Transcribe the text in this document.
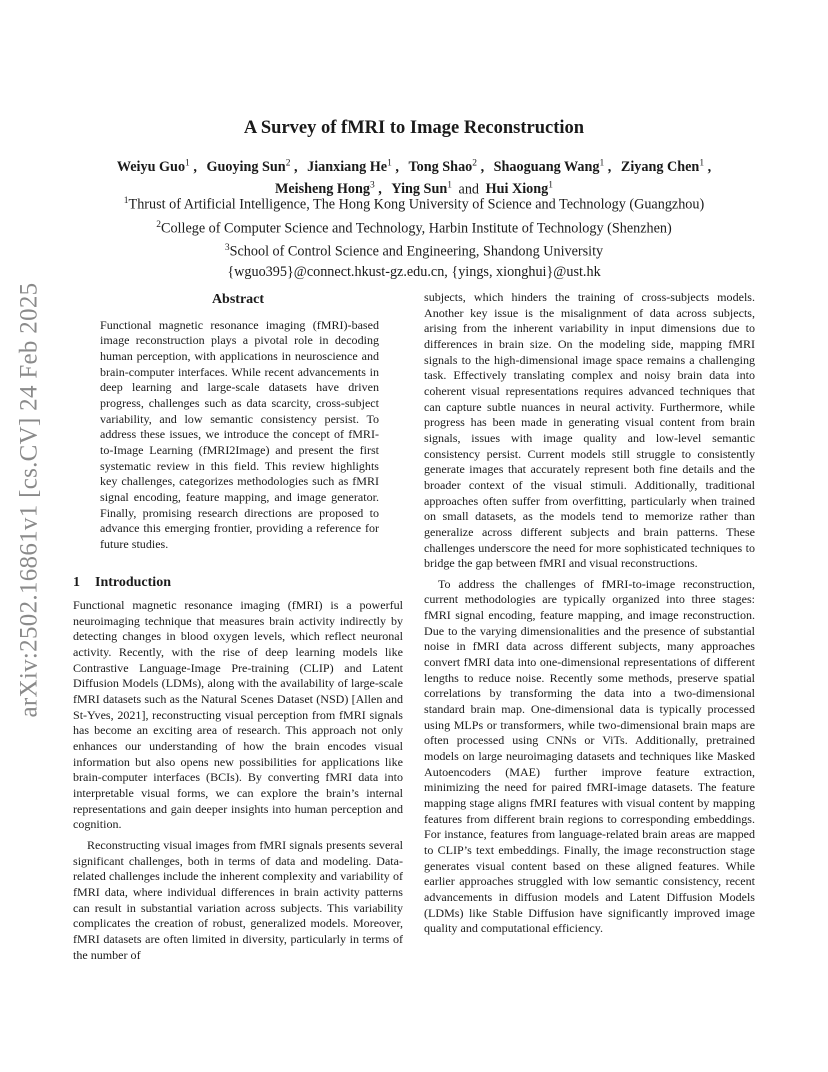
arXiv:2502.16861v1 [cs.CV] 24 Feb 2025
A Survey of fMRI to Image Reconstruction
Weiyu Guo$^1$ , Guoying Sun$^2$ , Jianxiang He$^1$ , Tong Shao$^2$ , Shaoguang Wang$^1$ , Ziyang Chen$^1$ , Meisheng Hong$^3$ , Ying Sun$^1$ and Hui Xiong$^1$
$^1$Thrust of Artificial Intelligence, The Hong Kong University of Science and Technology (Guangzhou)
$^2$College of Computer Science and Technology, Harbin Institute of Technology (Shenzhen)
$^3$School of Control Science and Engineering, Shandong University
{wguo395}@connect.hkust-gz.edu.cn, {yings, xionghui}@ust.hk
Abstract

Functional magnetic resonance imaging (fMRI)-based image reconstruction plays a pivotal role in decoding human perception, with applications in neuroscience and brain-computer interfaces. While recent advancements in deep learning and large-scale datasets have driven progress, challenges such as data scarcity, cross-subject variability, and low semantic consistency persist. To address these issues, we introduce the concept of fMRI-to-Image Learning (fMRI2Image) and present the first systematic review in this field. This review highlights key challenges, categorizes methodologies such as fMRI signal encoding, feature mapping, and image generator. Finally, promising research directions are proposed to advance this emerging frontier, providing a reference for future studies.

1 Introduction

Functional magnetic resonance imaging (fMRI) is a powerful neuroimaging technique that measures brain activity indirectly by detecting changes in blood oxygen levels, which reflect neuronal activity. Recently, with the rise of deep learning models like Contrastive Language-Image Pre-training (CLIP) and Latent Diffusion Models (LDMs), along with the availability of large-scale fMRI datasets such as the Natural Scenes Dataset (NSD) [Allen and St-Yves, 2021], reconstructing visual perception from fMRI signals has become an exciting area of research. This approach not only enhances our understanding of how the brain encodes visual information but also opens new possibilities for applications like brain-computer interfaces (BCIs). By converting fMRI data into interpretable visual forms, we can explore the brain’s internal representations and gain deeper insights into human perception and cognition.

Reconstructing visual images from fMRI signals presents several significant challenges, both in terms of data and modeling. Data-related challenges include the inherent complexity and variability of fMRI data, where individual differences in brain activity patterns can result in substantial variation across subjects. This variability complicates the creation of robust, generalized models. Moreover, fMRI datasets are often limited in diversity, particularly in terms of the number of

subjects, which hinders the training of cross-subjects models. Another key issue is the misalignment of data across subjects, arising from the inherent variability in input dimensions due to differences in brain size. On the modeling side, mapping fMRI signals to the high-dimensional image space remains a challenging task. Effectively translating complex and noisy brain data into coherent visual representations requires advanced techniques that can capture subtle nuances in neural activity. Furthermore, while progress has been made in generating visual content from brain signals, issues with image quality and low-level semantic consistency persist. Current models still struggle to consistently generate images that accurately represent both fine details and the broader context of the visual stimuli. Additionally, traditional approaches often suffer from overfitting, particularly when trained on small datasets, as the models tend to memorize rather than generalize across different subjects and brain patterns. These challenges underscore the need for more sophisticated techniques to bridge the gap between fMRI and visual reconstructions.

To address the challenges of fMRI-to-image reconstruction, current methodologies are typically organized into three stages: fMRI signal encoding, feature mapping, and image reconstruction. Due to the varying dimensionalities and the presence of substantial noise in fMRI data across different subjects, many approaches convert fMRI data into one-dimensional representations of different lengths to reduce noise. Recently some methods, preserve spatial correlations by transforming the data into a two-dimensional standard brain map. One-dimensional data is typically processed using MLPs or transformers, while two-dimensional brain maps are often processed using CNNs or ViTs. Additionally, pretrained models on large neuroimaging datasets and techniques like Masked Autoencoders (MAE) further improve feature extraction, minimizing the need for paired fMRI-image datasets. The feature mapping stage aligns fMRI features with visual content by mapping features from different brain regions to corresponding embeddings. For instance, features from language-related brain areas are mapped to CLIP’s text embeddings. Finally, the image reconstruction stage generates visual content based on these aligned features. While earlier approaches struggled with low semantic consistency, recent advancements in diffusion models and Latent Diffusion Models (LDMs) like Stable Diffusion have significantly improved image quality and computational efficiency.
